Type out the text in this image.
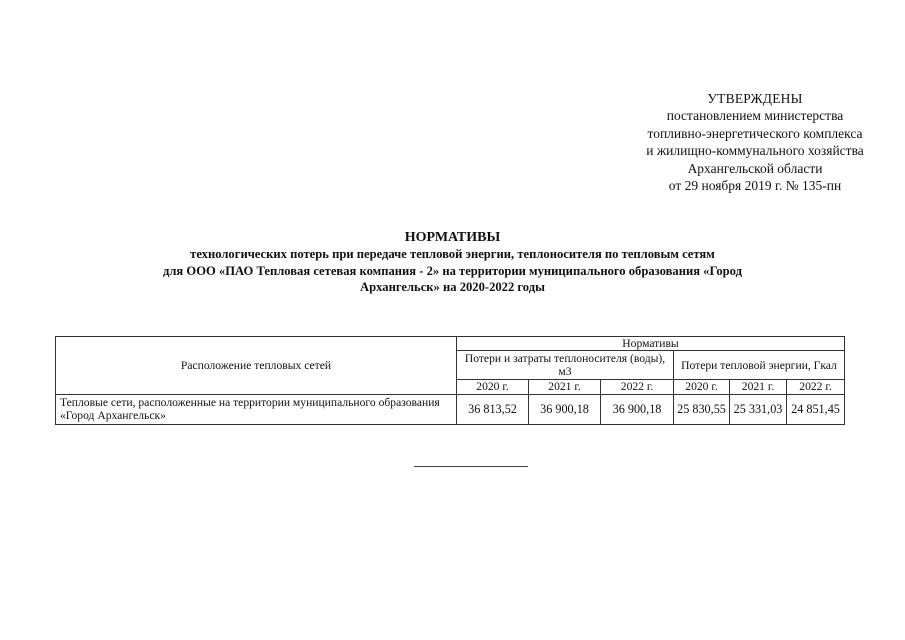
УТВЕРЖДЕНЫ
постановлением министерства
топливно-энергетического комплекса
и жилищно-коммунального хозяйства
Архангельской области
от 29 ноября 2019 г. № 135-пн
НОРМАТИВЫ
технологических потерь при передаче тепловой энергии, теплоносителя по тепловым сетям
для ООО «ПАО Тепловая сетевая компания - 2» на территории муниципального образования «Город
Архангельск» на 2020-2022 годы
Расположение тепловых сетей	Нормативы					
	Потери и затраты теплоносителя (воды), м3			Потери тепловой энергии, Гкал		
	2020 г.	2021 г.	2022 г.	2020 г.	2021 г.	2022 г.
Тепловые сети, расположенные на территории муниципального образования «Город Архангельск»	36 813,52	36 900,18	36 900,18	25 830,55	25 331,03	24 851,45
